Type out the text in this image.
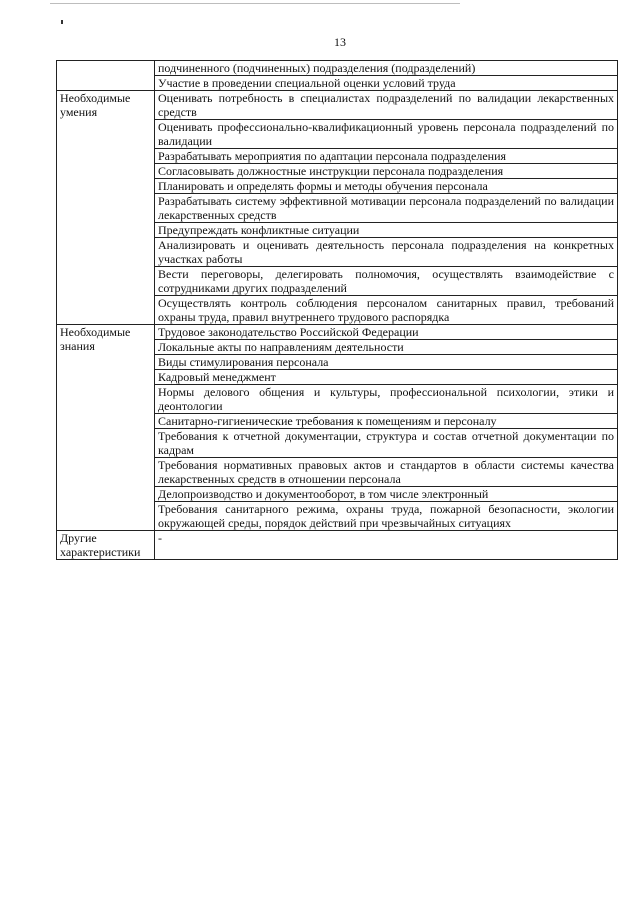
13
	подчиненного (подчиненных) подразделения (подразделений)
	Участие в проведении специальной оценки условий труда
Необходимые умения	Оценивать потребность в специалистах подразделений по валидации лекарственных средств
	Оценивать профессионально-квалификационный уровень персонала подразделений по валидации
	Разрабатывать мероприятия по адаптации персонала подразделения
	Согласовывать должностные инструкции персонала подразделения
	Планировать и определять формы и методы обучения персонала
	Разрабатывать систему эффективной мотивации персонала подразделений по валидации лекарственных средств
	Предупреждать конфликтные ситуации
	Анализировать и оценивать деятельность персонала подразделения на конкретных участках работы
	Вести переговоры, делегировать полномочия, осуществлять взаимодействие с сотрудниками других подразделений
	Осуществлять контроль соблюдения персоналом санитарных правил, требований охраны труда, правил внутреннего трудового распорядка
Необходимые знания	Трудовое законодательство Российской Федерации
	Локальные акты по направлениям деятельности
	Виды стимулирования персонала
	Кадровый менеджмент
	Нормы делового общения и культуры, профессиональной психологии, этики и деонтологии
	Санитарно-гигиенические требования к помещениям и персоналу
	Требования к отчетной документации, структура и состав отчетной документации по кадрам
	Требования нормативных правовых актов и стандартов в области системы качества лекарственных средств в отношении персонала
	Делопроизводство и документооборот, в том числе электронный
	Требования санитарного режима, охраны труда, пожарной безопасности, экологии окружающей среды, порядок действий при чрезвычайных ситуациях
Другие характеристики	-
